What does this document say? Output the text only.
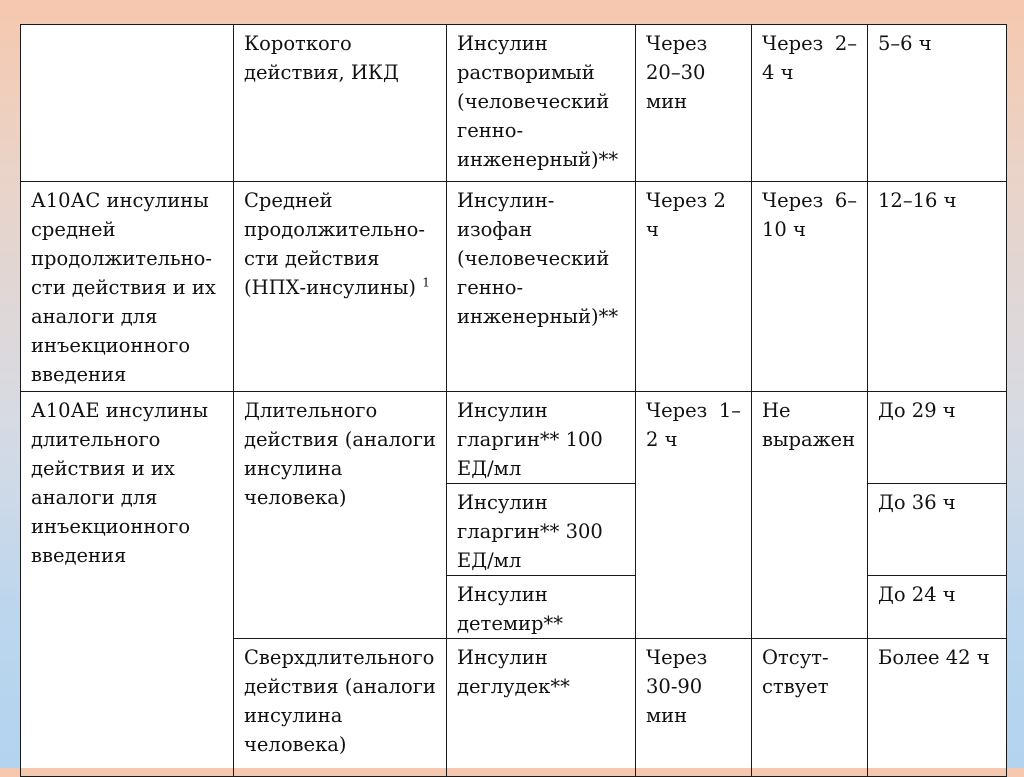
	Короткого действия, ИКД	Инсулин растворимый (человеческий генно-инженерный)**	Через 20–30 мин	Через 2–4 ч	5–6 ч
А10АС инсулины средней продолжительно-сти действия и их аналоги для инъекционного введения	Средней продолжительно-сти действия (НПХ-инсулины) $^1$	Инсулин-изофан (человеческий генно-инженерный)**	Через 2 ч	Через 6–10 ч	12–16 ч
А10АЕ инсулины длительного действия и их аналоги для инъекционного введения	Длительного действия (аналоги инсулина человека)	Инсулин гларгин** 100 ЕД/мл	Через 1–2 ч	Не выражен	До 29 ч
		Инсулин гларгин** 300 ЕД/мл			До 36 ч
		Инсулин детемир**			До 24 ч
	Сверхдлительного действия (аналоги инсулина человека)	Инсулин деглудек**	Через 30-90 мин	Отсут-ствует	Более 42 ч
